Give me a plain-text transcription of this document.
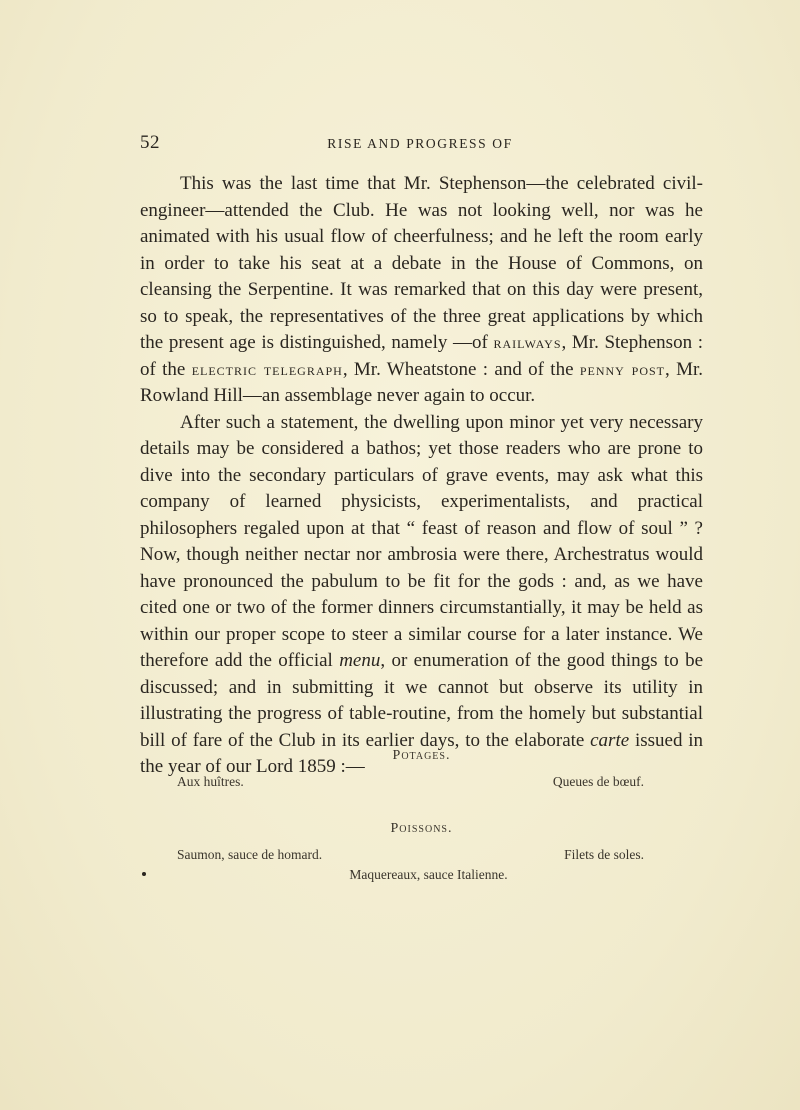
52	RISE AND PROGRESS OF

This was the last time that Mr. Stephenson—the celebrated civil-engineer—attended the Club. He was not looking well, nor was he animated with his usual flow of cheerfulness; and he left the room early in order to take his seat at a debate in the House of Commons, on cleansing the Serpentine. It was remarked that on this day were present, so to speak, the representatives of the three great applications by which the present age is distinguished, namely —of railways, Mr. Stephenson : of the electric telegraph, Mr. Wheatstone : and of the penny post, Mr. Rowland Hill—an assemblage never again to occur.

After such a statement, the dwelling upon minor yet very necessary details may be considered a bathos; yet those readers who are prone to dive into the secondary particulars of grave events, may ask what this company of learned physicists, experimentalists, and practical philosophers regaled upon at that “ feast of reason and flow of soul ” ? Now, though neither nectar nor ambrosia were there, Archestratus would have pronounced the pabulum to be fit for the gods : and, as we have cited one or two of the former dinners circumstantially, it may be held as within our proper scope to steer a similar course for a later instance. We therefore add the official menu, or enumeration of the good things to be discussed; and in submitting it we cannot but observe its utility in illustrating the progress of table-routine, from the homely but substantial bill of fare of the Club in its earlier days, to the elaborate carte issued in the year of our Lord 1859 :—

Potages.
Aux huîtres.	Queues de bœuf.
Poissons.
Saumon, sauce de homard.	Filets de soles.
Maquereaux, sauce Italienne.
